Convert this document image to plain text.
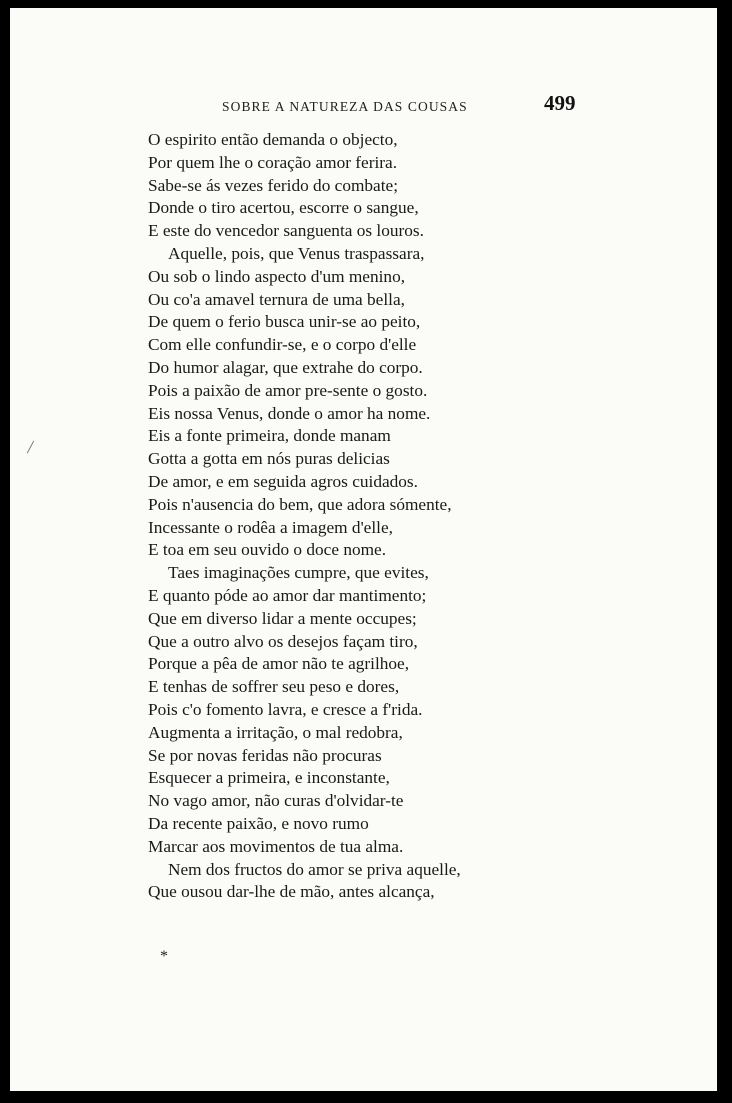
SOBRE A NATUREZA DAS COUSAS	499
O espirito então demanda o objecto,
Por quem lhe o coração amor ferira.
Sabe-se ás vezes ferido do combate;
Donde o tiro acertou, escorre o sangue,
E este do vencedor sanguenta os louros.
Aquelle, pois, que Venus traspassara,
Ou sob o lindo aspecto d'um menino,
Ou co'a amavel ternura de uma bella,
De quem o ferio busca unir-se ao peito,
Com elle confundir-se, e o corpo d'elle
Do humor alagar, que extrahe do corpo.
Pois a paixão de amor pre-sente o gosto.
Eis nossa Venus, donde o amor ha nome.
Eis a fonte primeira, donde manam
Gotta a gotta em nós puras delicias
De amor, e em seguida agros cuidados.
Pois n'ausencia do bem, que adora sómente,
Incessante o rodêa a imagem d'elle,
E toa em seu ouvido o doce nome.
Taes imaginações cumpre, que evites,
E quanto póde ao amor dar mantimento;
Que em diverso lidar a mente occupes;
Que a outro alvo os desejos façam tiro,
Porque a pêa de amor não te agrilhoe,
E tenhas de soffrer seu peso e dores,
Pois c'o fomento lavra, e cresce a f'rida.
Augmenta a irritação, o mal redobra,
Se por novas feridas não procuras
Esquecer a primeira, e inconstante,
No vago amor, não curas d'olvidar-te
Da recente paixão, e novo rumo
Marcar aos movimentos de tua alma.
Nem dos fructos do amor se priva aquelle,
Que ousou dar-lhe de mão, antes alcança,
*
